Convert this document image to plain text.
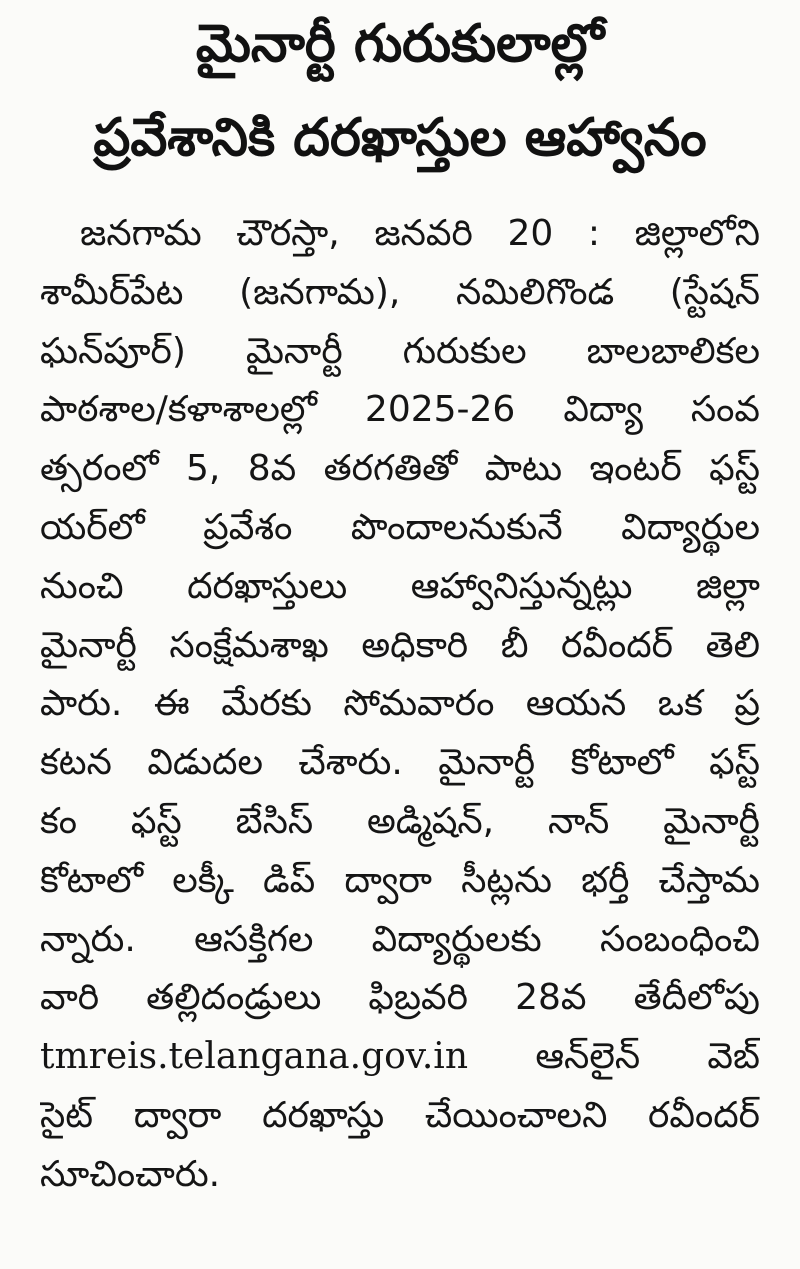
మైనార్టీ గురుకులాల్లో
ప్రవేశానికి దరఖాస్తుల ఆహ్వానం
జనగామ చౌరస్తా, జనవరి 20 : జిల్లాలోని
శామీర్‌పేట (జనగామ), నమిలిగొండ (స్టేషన్
ఘన్‌పూర్) మైనార్టీ గురుకుల బాలబాలికల
పాఠశాల/కళాశాలల్లో 2025-26 విద్యా సంవ
త్సరంలో 5, 8వ తరగతితో పాటు ఇంటర్ ఫస్ట్
యర్‌లో ప్రవేశం పొందాలనుకునే విద్యార్థుల
నుంచి దరఖాస్తులు ఆహ్వానిస్తున్నట్లు జిల్లా
మైనార్టీ సంక్షేమశాఖ అధికారి బీ రవీందర్ తెలి
పారు. ఈ మేరకు సోమవారం ఆయన ఒక ప్ర
కటన విడుదల చేశారు. మైనార్టీ కోటాలో ఫస్ట్
కం ఫస్ట్ బేసిస్ అడ్మిషన్, నాన్ మైనార్టీ
కోటాలో లక్కీ డిప్ ద్వారా సీట్లను భర్తీ చేస్తామ
న్నారు. ఆసక్తిగల విద్యార్థులకు సంబంధించి
వారి తల్లిదండ్రులు ఫిబ్రవరి 28వ తేదీలోపు
tmreis.telangana.gov.in ఆన్‌లైన్ వెబ్
సైట్ ద్వారా దరఖాస్తు చేయించాలని రవీందర్
సూచించారు.
